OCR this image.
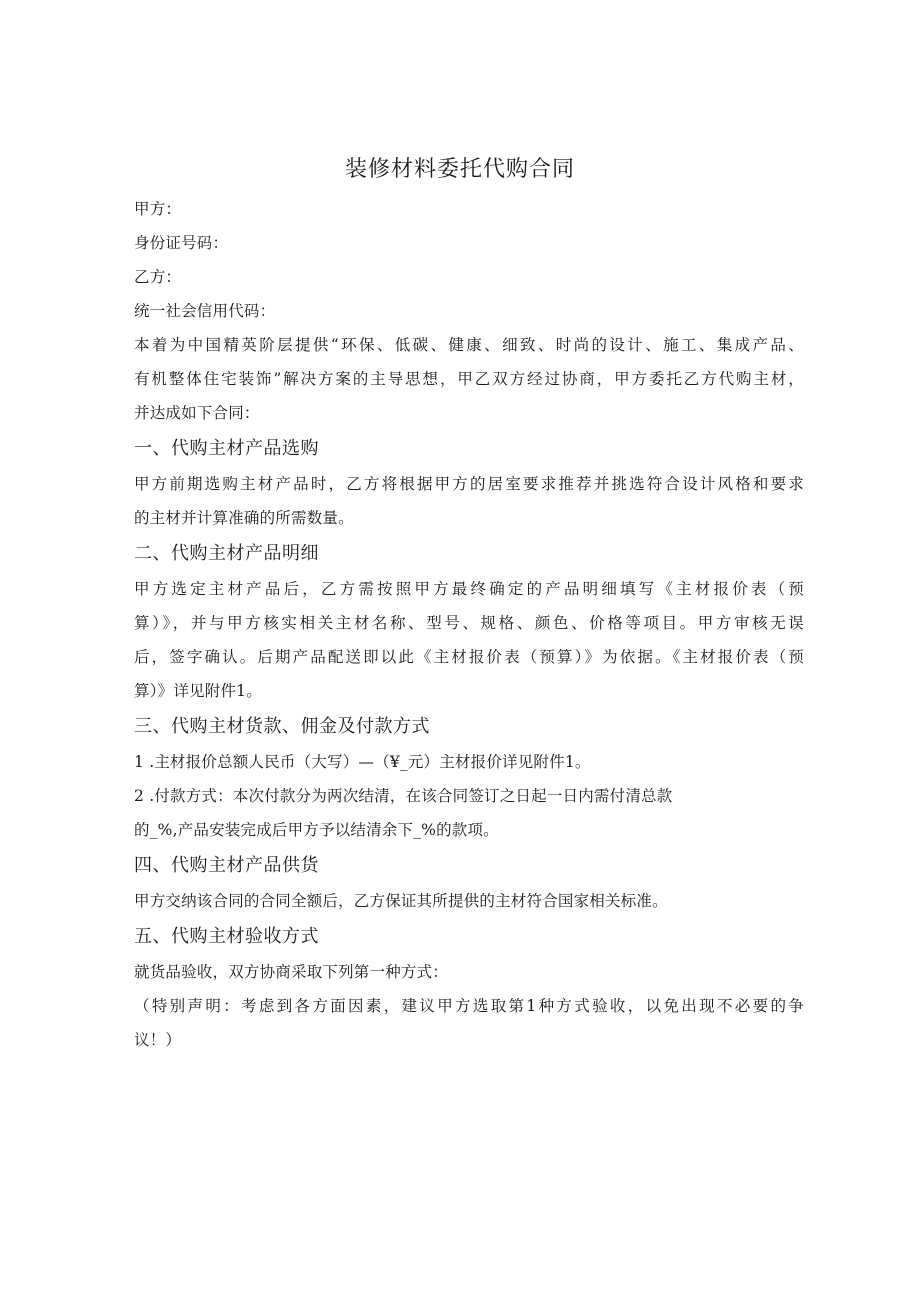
装修材料委托代购合同
甲方：
身份证号码：
乙方：
统一社会信用代码：
本着为中国精英阶层提供“环保、低碳、健康、细致、时尚的设计、施工、集成产品、
有机整体住宅装饰”解决方案的主导思想，甲乙双方经过协商，甲方委托乙方代购主材，
并达成如下合同：
一、代购主材产品选购
甲方前期选购主材产品时，乙方将根据甲方的居室要求推荐并挑选符合设计风格和要求
的主材并计算准确的所需数量。
二、代购主材产品明细
甲方选定主材产品后，乙方需按照甲方最终确定的产品明细填写《主材报价表（预
算）》，并与甲方核实相关主材名称、型号、规格、颜色、价格等项目。甲方审核无误
后，签字确认。后期产品配送即以此《主材报价表（预算）》为依据。《主材报价表（预
算）》详见附件1。
三、代购主材货款、佣金及付款方式
1 .主材报价总额人民币（大写）—（¥_元）主材报价详见附件1。
2 .付款方式：本次付款分为两次结清，在该合同签订之日起一日内需付清总款
的_%,产品安装完成后甲方予以结清余下_%的款项。
四、代购主材产品供货
甲方交纳该合同的合同全额后，乙方保证其所提供的主材符合国家相关标准。
五、代购主材验收方式
就货品验收，双方协商采取下列第一种方式：
（特别声明：考虑到各方面因素，建议甲方选取第1种方式验收，以免出现不必要的争
议！）
